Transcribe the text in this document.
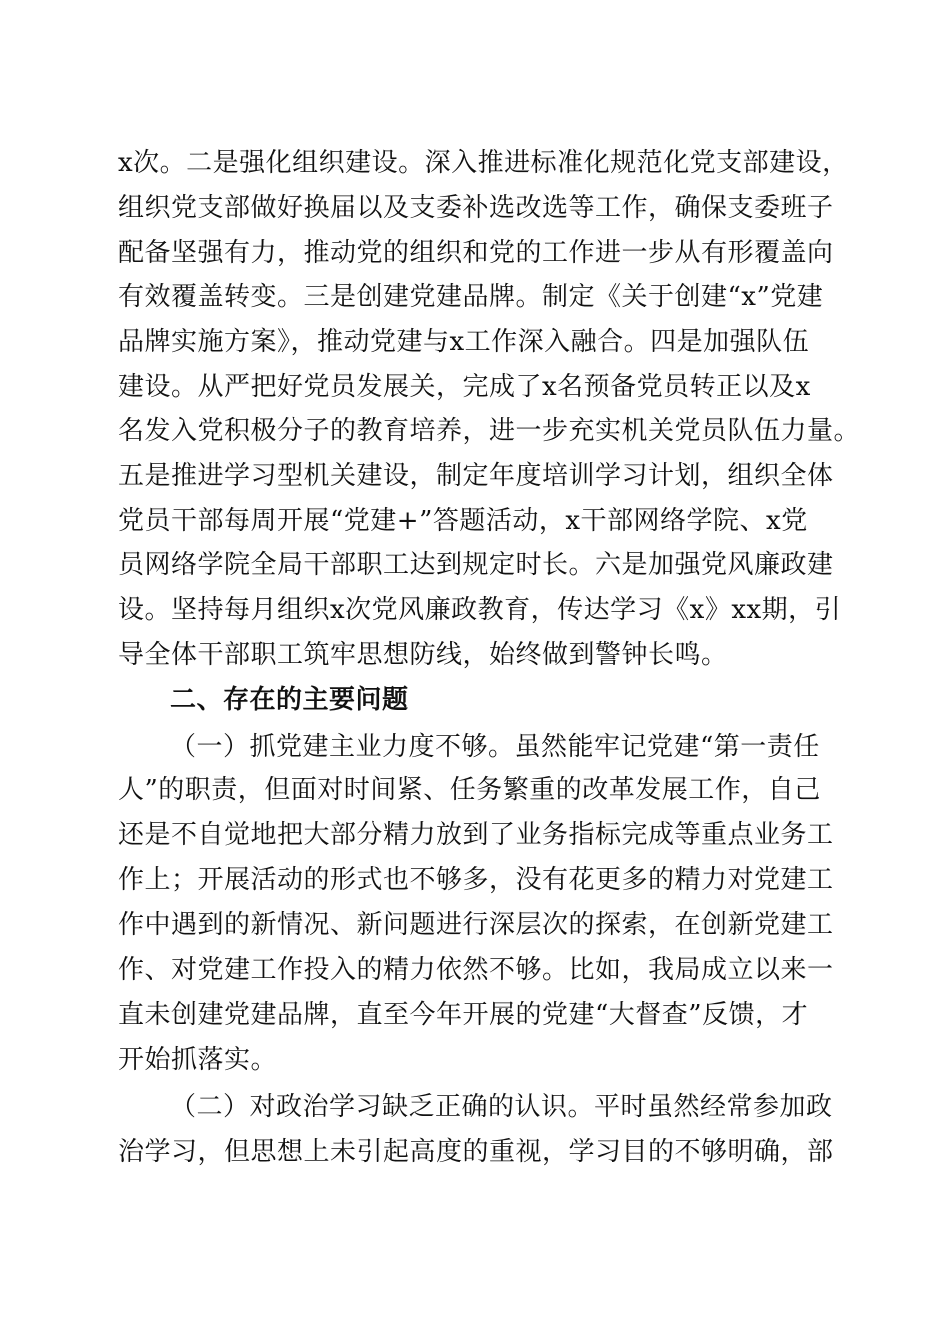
x次。二是强化组织建设。深入推进标准化规范化党支部建设，
组织党支部做好换届以及支委补选改选等工作，确保支委班子
配备坚强有力，推动党的组织和党的工作进一步从有形覆盖向
有效覆盖转变。三是创建党建品牌。制定《关于创建“x”党建
品牌实施方案》，推动党建与x工作深入融合。四是加强队伍
建设。从严把好党员发展关，完成了x名预备党员转正以及x
名发入党积极分子的教育培养，进一步充实机关党员队伍力量。
五是推进学习型机关建设，制定年度培训学习计划，组织全体
党员干部每周开展“党建+”答题活动，x干部网络学院、x党
员网络学院全局干部职工达到规定时长。六是加强党风廉政建
设。坚持每月组织x次党风廉政教育，传达学习《x》xx期，引
导全体干部职工筑牢思想防线，始终做到警钟长鸣。
二、存在的主要问题
（一）抓党建主业力度不够。虽然能牢记党建“第一责任
人”的职责，但面对时间紧、任务繁重的改革发展工作，自己
还是不自觉地把大部分精力放到了业务指标完成等重点业务工
作上；开展活动的形式也不够多，没有花更多的精力对党建工
作中遇到的新情况、新问题进行深层次的探索，在创新党建工
作、对党建工作投入的精力依然不够。比如，我局成立以来一
直未创建党建品牌，直至今年开展的党建“大督查”反馈，才
开始抓落实。
（二）对政治学习缺乏正确的认识。平时虽然经常参加政
治学习，但思想上未引起高度的重视，学习目的不够明确，部
